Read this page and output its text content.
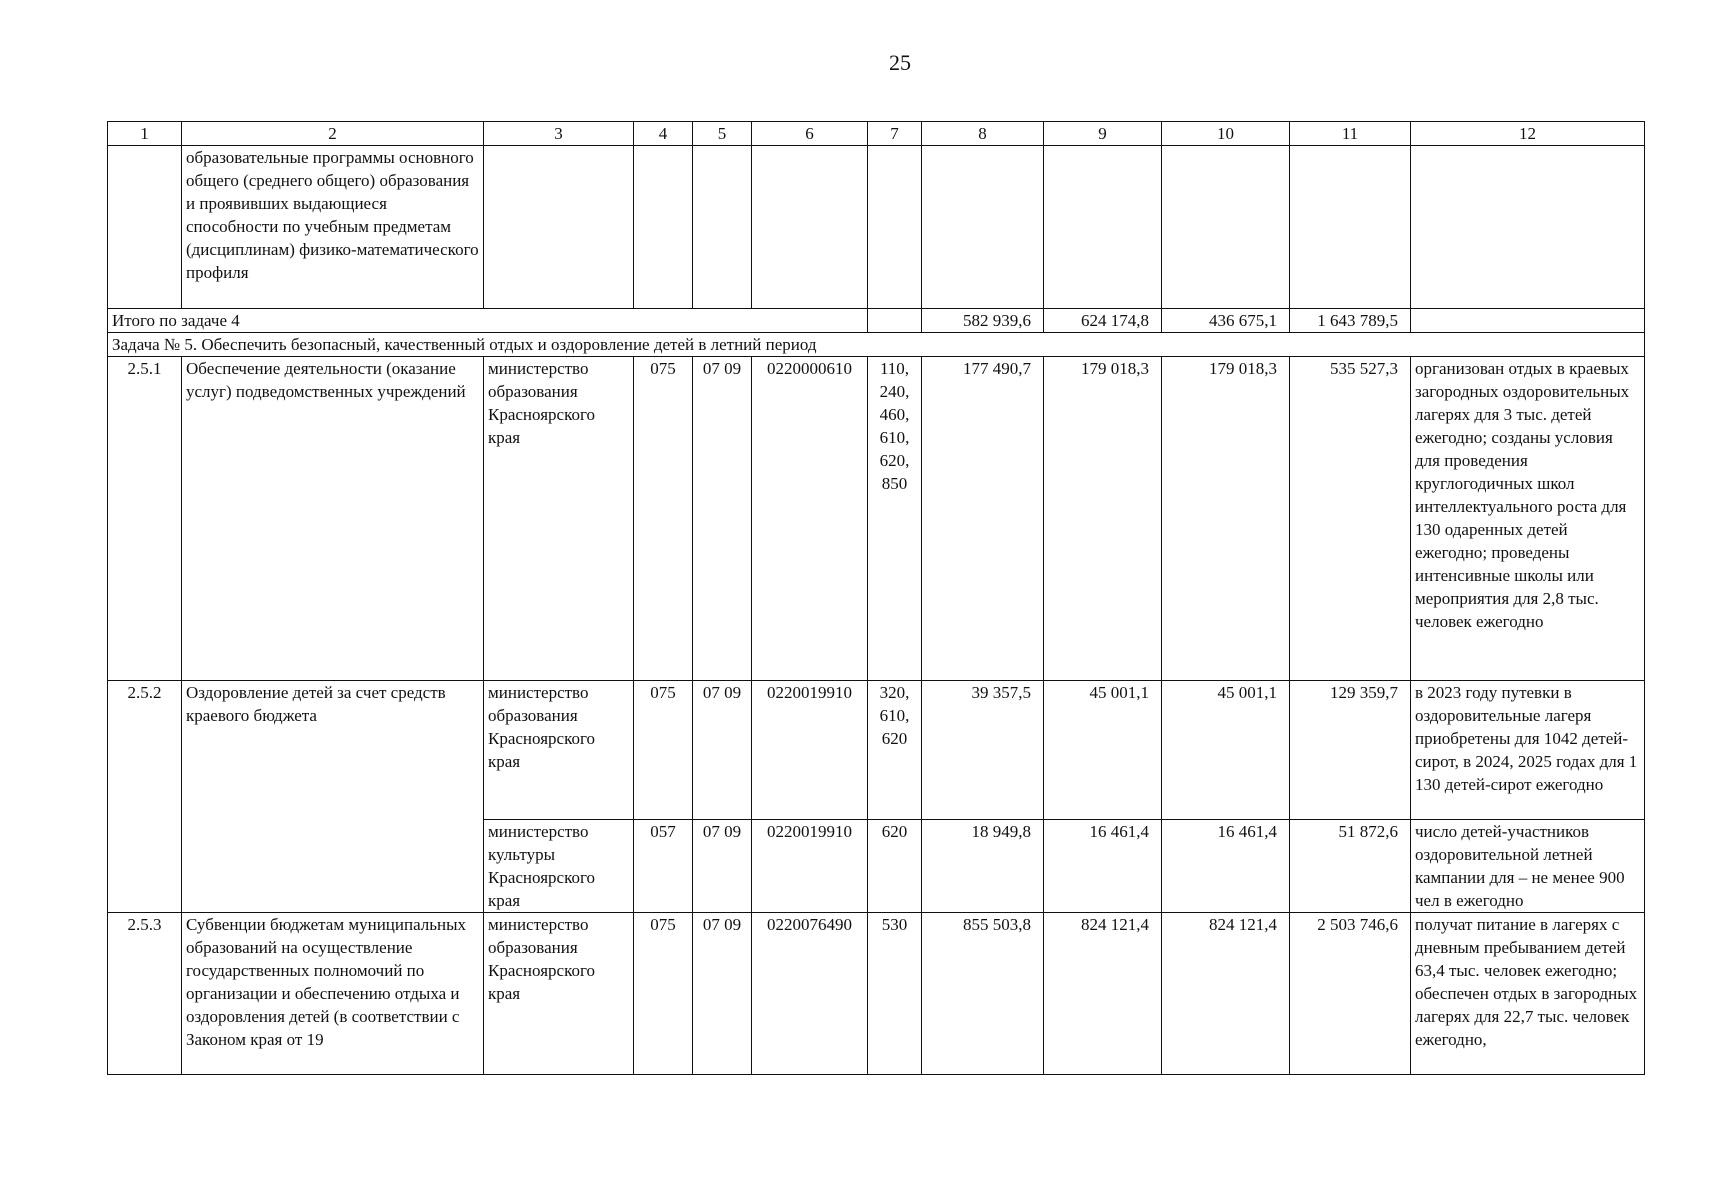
25
1	2	3	4	5	6	7	8	9	10	11	12
	образовательные программы основного общего (среднего общего) образования и проявивших выдающиеся способности по учебным предметам (дисциплинам) физико-математического профиля										
Итого по задаче 4							582 939,6	624 174,8	436 675,1	1 643 789,5	
Задача № 5. Обеспечить безопасный, качественный отдых и оздоровление детей в летний период											
2.5.1	Обеспечение деятельности (оказание услуг) подведомственных учреждений	министерство образования Красноярского края	075	07 09	0220000610	110, 240, 460, 610, 620, 850	177 490,7	179 018,3	179 018,3	535 527,3	организован отдых в краевых загородных оздоровительных лагерях для 3 тыс. детей ежегодно; созданы условия для проведения круглогодичных школ интеллектуального роста для 130 одаренных детей ежегодно; проведены интенсивные школы или мероприятия для 2,8 тыс. человек ежегодно
2.5.2	Оздоровление детей за счет средств краевого бюджета	министерство образования Красноярского края	075	07 09	0220019910	320, 610, 620	39 357,5	45 001,1	45 001,1	129 359,7	в 2023 году путевки в оздоровительные лагеря приобретены для 1042 детей-сирот, в 2024, 2025 годах для 1 130 детей-сирот ежегодно
		министерство культуры Красноярского края	057	07 09	0220019910	620	18 949,8	16 461,4	16 461,4	51 872,6	число детей-участников оздоровительной летней кампании для – не менее 900 чел в ежегодно
2.5.3	Субвенции бюджетам муниципальных образований на осуществление государственных полномочий по организации и обеспечению отдыха и оздоровления детей (в соответствии с Законом края от 19	министерство образования Красноярского края	075	07 09	0220076490	530	855 503,8	824 121,4	824 121,4	2 503 746,6	получат питание в лагерях с дневным пребыванием детей 63,4 тыс. человек ежегодно; обеспечен отдых в загородных лагерях для 22,7 тыс. человек ежегодно,
